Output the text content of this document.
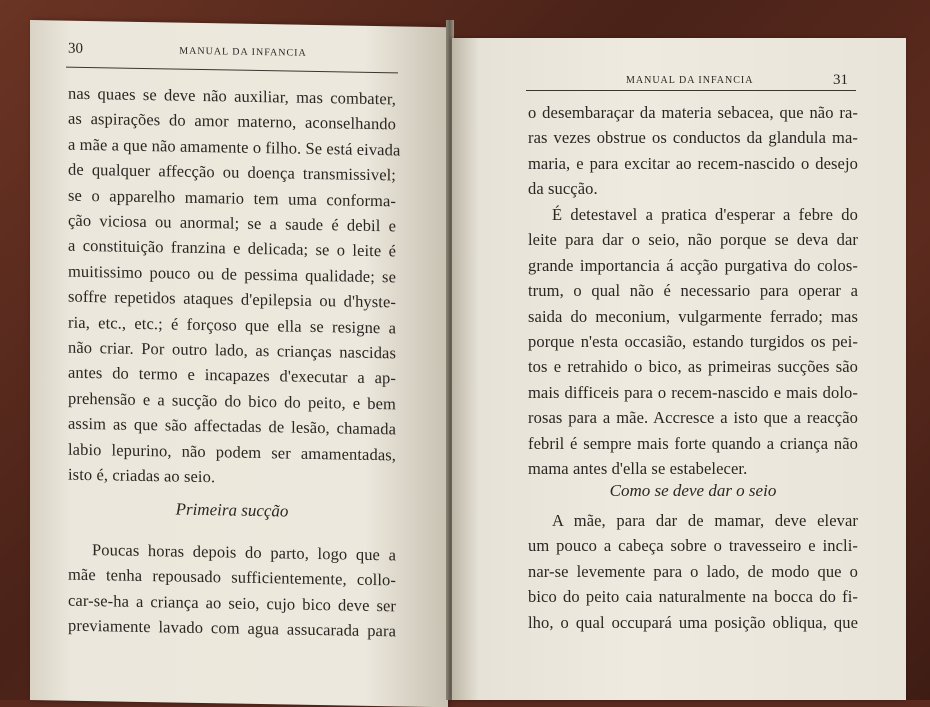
30	MANUAL DA INFANCIA
nas quaes se deve não auxiliar, mas combater,
as aspirações do amor materno, aconselhando
a mãe a que não amamente o filho. Se está eivada
de qualquer affecção ou doença transmissivel;
se o apparelho mamario tem uma conforma-
ção viciosa ou anormal; se a saude é debil e
a constituição franzina e delicada; se o leite é
muitissimo pouco ou de pessima qualidade; se
soffre repetidos ataques d'epilepsia ou d'hyste-
ria, etc., etc.; é forçoso que ella se resigne a
não criar. Por outro lado, as crianças nascidas
antes do termo e incapazes d'executar a ap-
prehensão e a sucção do bico do peito, e bem
assim as que são affectadas de lesão, chamada
labio lepurino, não podem ser amamentadas,
isto é, criadas ao seio.
Primeira sucção
Poucas horas depois do parto, logo que a
mãe tenha repousado sufficientemente, collo-
car-se-ha a criança ao seio, cujo bico deve ser
previamente lavado com agua assucarada para
MANUAL DA INFANCIA	31
o desembaraçar da materia sebacea, que não ra-
ras vezes obstrue os conductos da glandula ma-
maria, e para excitar ao recem-nascido o desejo
da sucção.
É detestavel a pratica d'esperar a febre do
leite para dar o seio, não porque se deva dar
grande importancia á acção purgativa do colos-
trum, o qual não é necessario para operar a
saida do meconium, vulgarmente ferrado; mas
porque n'esta occasião, estando turgidos os pei-
tos e retrahido o bico, as primeiras sucções são
mais difficeis para o recem-nascido e mais dolo-
rosas para a mãe. Accresce a isto que a reacção
febril é sempre mais forte quando a criança não
mama antes d'ella se estabelecer.
Como se deve dar o seio
A mãe, para dar de mamar, deve elevar
um pouco a cabeça sobre o travesseiro e incli-
nar-se levemente para o lado, de modo que o
bico do peito caia naturalmente na bocca do fi-
lho, o qual occupará uma posição obliqua, que
